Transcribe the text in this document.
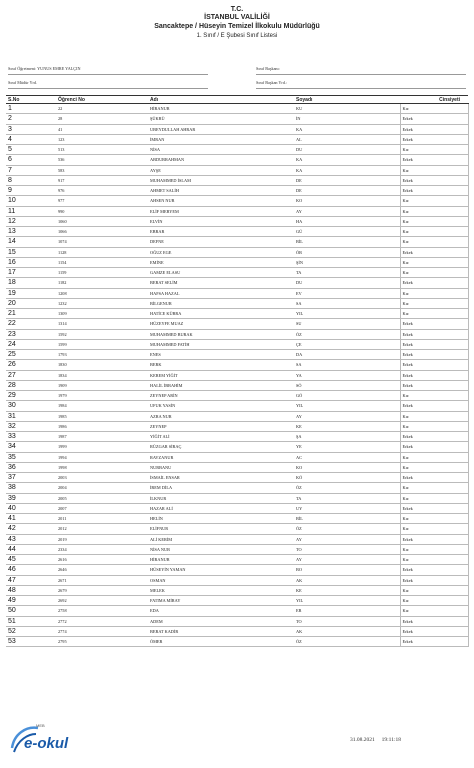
T.C.
İSTANBUL VALİLİĞİ
Sancaktepe / Hüseyin Temizel İlkokulu Müdürlüğü
1. Sınıf / E Şubesi Sınıf Listesi
Sınıf Öğretmeni: YUNUS EMRE YALÇIN	Sınıf Başkanı:
Sınıf Müdür Yrd.	Sınıf Başkan Yrd.:
S.No	Öğrenci No	Adı	Soyadı	Cinsiyeti
1	22	HİRANUR	KU	Kız
2	28	ŞÜKRÜ	İN	Erkek
3	41	UBEYDULLAH AHRAR	KA	Erkek
4	123	İMRAN	AL	Erkek
5	513	NİSA	DU	Kız
6	536	ABDURRAHMAN	KA	Erkek
7	583	AYŞE	KA	Kız
8	917	MUHAMMED İSLAM	DE	Erkek
9	976	AHMET SALİH	DE	Erkek
10	977	AHSEN NUR	KO	Kız
11	990	ELİF MERYEM	AY	Kız
12	1060	ELVİN	HA	Kız
13	1066	EBRAR	GÜ	Kız
14	1074	DEFNE	BİL	Kız
15	1128	OĞUZ EGE	ÖR	Erkek
16	1154	EMİNE	ŞİN	Kız
17	1159	GAMZE ELASU	TA	Kız
18	1182	BERAT SELİM	DU	Erkek
19	1208	HAFSA HAZAL	EV	Kız
20	1232	BİLGENUR	SA	Kız
21	1309	HATİCE KÜBRA	YIL	Kız
22	1314	HÜZEYFE MUAZ	SU	Erkek
23	1592	MUHAMMED BURAK	ÖZ	Erkek
24	1599	MUHAMMED FATİH	ÇE	Erkek
25	1793	ENES	DA	Erkek
26	1830	BERK	SA	Erkek
27	1834	KEREM YİĞİT	YA	Erkek
28	1909	HALİL İBRAHİM	SÖ	Erkek
29	1979	ZEYNEP ARİN	GÖ	Kız
30	1984	UFUK YASİN	YIL	Erkek
31	1985	AZRA NUR	AY	Kız
32	1986	ZEYNEP	KE	Kız
33	1987	YİĞİT ALİ	ŞA	Erkek
34	1999	RÜZGAR SİRAÇ	YE	Erkek
35	1994	RAVZANUR	AC	Kız
36	1998	NURBANU	KO	Kız
37	2003	İSMAİL ENSAR	KÖ	Erkek
38	2004	İREM DİLA	ÖZ	Kız
39	2005	İLKNUR	TA	Kız
40	2007	HAZAR ALİ	UY	Erkek
41	2011	HELİN	BİL	Kız
42	2012	ELİFNUR	ÖZ	Kız
43	2019	ALİ KERİM	AY	Erkek
44	2334	NİSA NUR	TO	Kız
45	2616	HİRANUR	AY	Kız
46	2646	HÜSEYİN YAMAN	BO	Erkek
47	2671	OSMAN	AK	Erkek
48	2679	MELEK	KE	Kız
49	2692	FATIMA MİRAY	YIL	Kız
50	2758	EDA	ER	Kız
51	2772	ADEM	TO	Erkek
52	2774	BERAT KADİR	AK	Erkek
53	2795	ÖMER	ÖZ	Erkek
MEB
e-okul	31.08.2021 19:11:18
